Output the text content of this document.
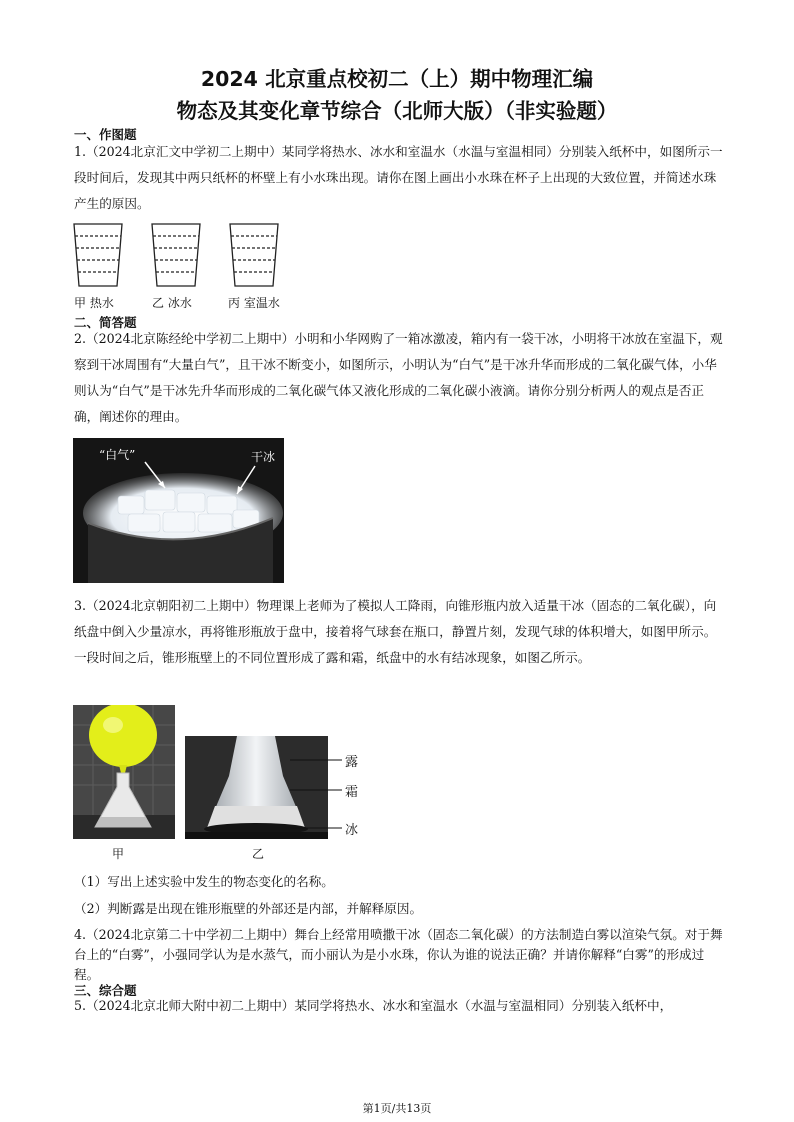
2024 北京重点校初二（上）期中物理汇编
物态及其变化章节综合（北师大版）（非实验题）
一、作图题
1.（2024北京汇文中学初二上期中）某同学将热水、冰水和室温水（水温与室温相同）分别装入纸杯中，如图所示一段时间后，发现其中两只纸杯的杯壁上有小水珠出现。请你在图上画出小水珠在杯子上出现的大致位置，并简述水珠产生的原因。
甲 热水	乙 冰水	丙 室温水
二、简答题
2.（2024北京陈经纶中学初二上期中）小明和小华网购了一箱冰激凌，箱内有一袋干冰，小明将干冰放在室温下，观察到干冰周围有“大量白气”，且干冰不断变小，如图所示，小明认为“白气”是干冰升华而形成的二氧化碳气体，小华则认为“白气”是干冰先升华而形成的二氧化碳气体又液化形成的二氧化碳小液滴。请你分别分析两人的观点是否正确，阐述你的理由。
“白气”	干冰
3.（2024北京朝阳初二上期中）物理课上老师为了模拟人工降雨，向锥形瓶内放入适量干冰（固态的二氧化碳），向纸盘中倒入少量凉水，再将锥形瓶放于盘中，接着将气球套在瓶口，静置片刻，发现气球的体积增大，如图甲所示。一段时间之后，锥形瓶壁上的不同位置形成了露和霜，纸盘中的水有结冰现象，如图乙所示。
甲	乙
露
霜
冰
（1）写出上述实验中发生的物态变化的名称。
（2）判断露是出现在锥形瓶壁的外部还是内部，并解释原因。
4.（2024北京第二十中学初二上期中）舞台上经常用喷撒干冰（固态二氧化碳）的方法制造白雾以渲染气氛。对于舞台上的“白雾”，小强同学认为是水蒸气，而小丽认为是小水珠，你认为谁的说法正确？并请你解释“白雾”的形成过程。
三、综合题
5.（2024北京北师大附中初二上期中）某同学将热水、冰水和室温水（水温与室温相同）分别装入纸杯中，
第1页/共13页
